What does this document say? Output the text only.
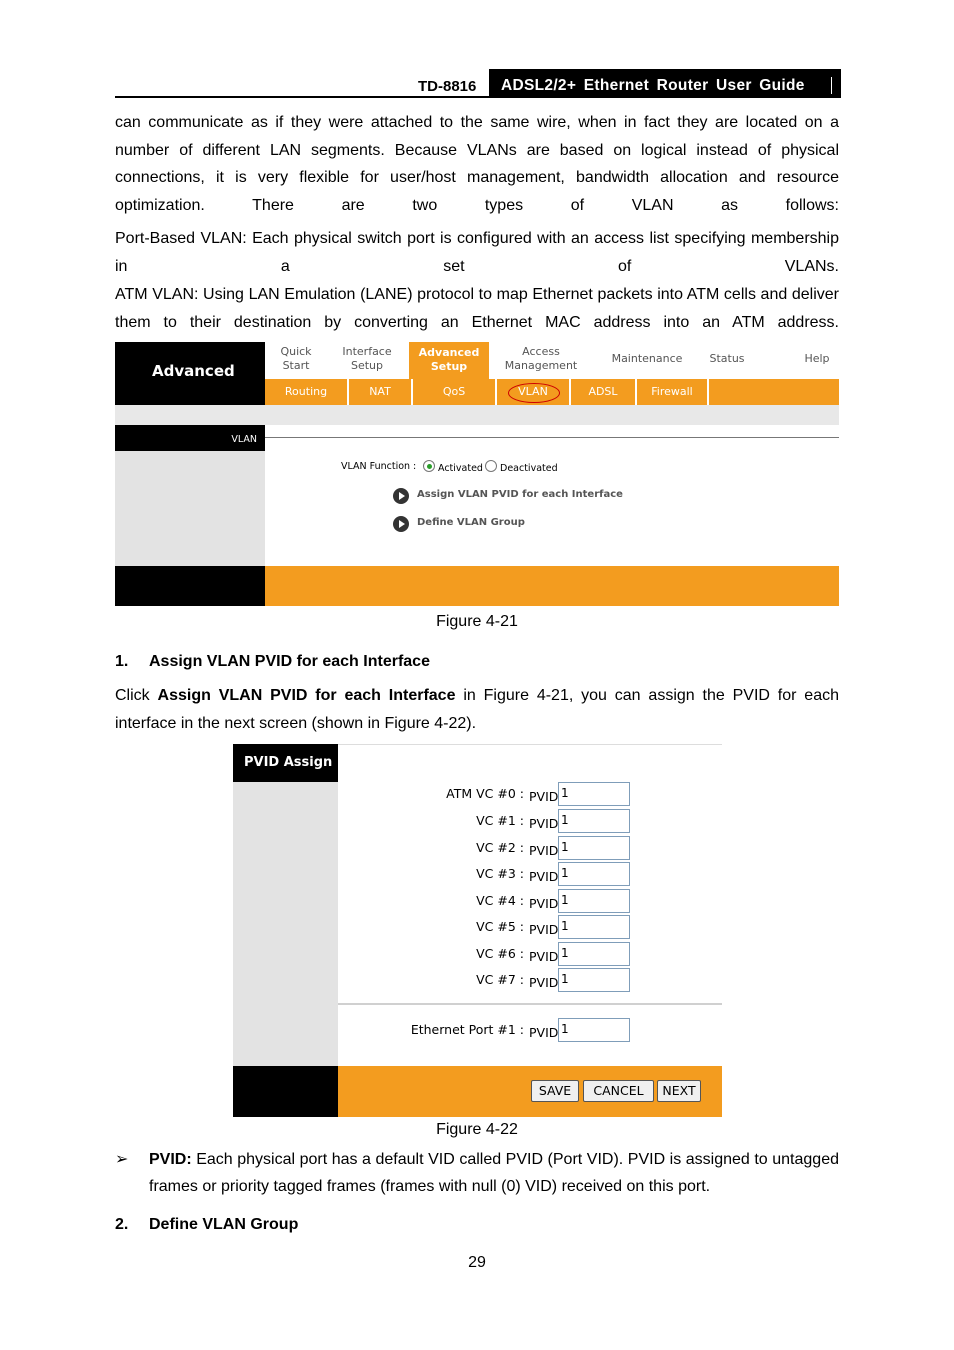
TD-8816	ADSL2/2+ Ethernet Router User Guide

can communicate as if they were attached to the same wire, when in fact they are located on a number of different LAN segments. Because VLANs are based on logical instead of physical connections, it is very flexible for user/host management, bandwidth allocation and resource optimization. There are two types of VLAN as follows:

Port-Based VLAN: Each physical switch port is configured with an access list specifying membership in a set of VLANs.

ATM VLAN: Using LAN Emulation (LANE) protocol to map Ethernet packets into ATM cells and deliver them to their destination by converting an Ethernet MAC address into an ATM address.

Advanced
Quick
Start
Interface
Setup
Advanced
Setup
Access
Management
Maintenance	Status	Help
Routing	NAT	QoS	VLAN	ADSL	Firewall
VLAN
VLAN Function : Activated Deactivated
Assign VLAN PVID for each Interface
Define VLAN Group
Figure 4-21
1. Assign VLAN PVID for each Interface

Click Assign VLAN PVID for each Interface in Figure 4-21, you can assign the PVID for each interface in the next screen (shown in Figure 4-22).

PVID Assign
ATM VC #0 : PVID 1
VC #1 : PVID 1
VC #2 : PVID 1
VC #3 : PVID 1
VC #4 : PVID 1
VC #5 : PVID 1
VC #6 : PVID 1
VC #7 : PVID 1
Ethernet Port #1 : PVID 1
SAVE	CANCEL	NEXT
Figure 4-22
➢ PVID: Each physical port has a default VID called PVID (Port VID). PVID is assigned to untagged frames or priority tagged frames (frames with null (0) VID) received on this port.

2. Define VLAN Group
29
